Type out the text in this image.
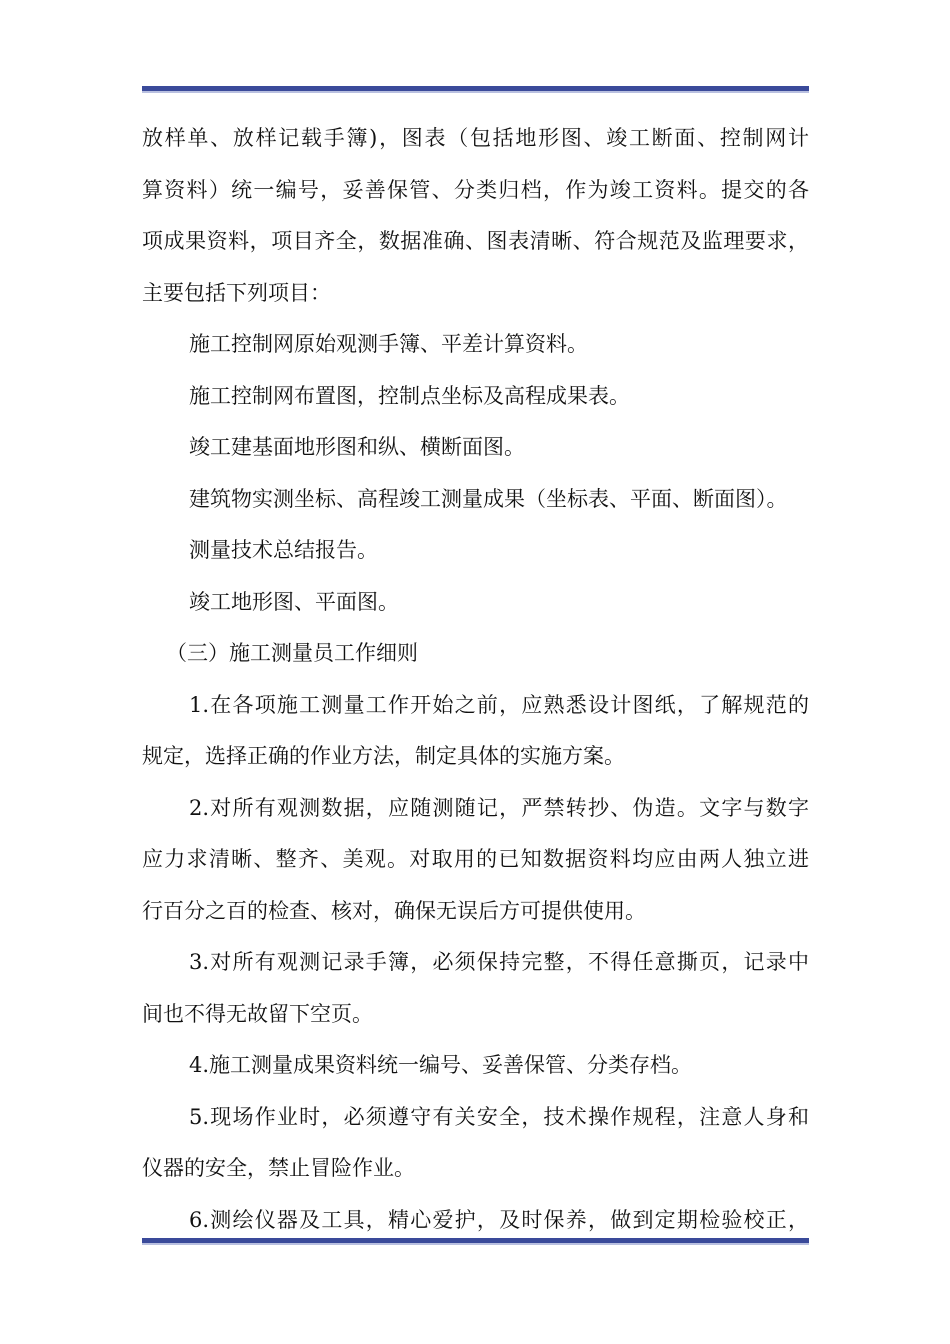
放样单、放样记载手簿)，图表（包括地形图、竣工断面、控制网计
算资料）统一编号，妥善保管、分类归档，作为竣工资料。提交的各
项成果资料，项目齐全，数据准确、图表清晰、符合规范及监理要求，
主要包括下列项目：
施工控制网原始观测手簿、平差计算资料。
施工控制网布置图，控制点坐标及高程成果表。
竣工建基面地形图和纵、横断面图。
建筑物实测坐标、高程竣工测量成果（坐标表、平面、断面图）。
测量技术总结报告。
竣工地形图、平面图。
（三）施工测量员工作细则
1.在各项施工测量工作开始之前，应熟悉设计图纸，了解规范的
规定，选择正确的作业方法，制定具体的实施方案。
2.对所有观测数据，应随测随记，严禁转抄、伪造。文字与数字
应力求清晰、整齐、美观。对取用的已知数据资料均应由两人独立进
行百分之百的检查、核对，确保无误后方可提供使用。
3.对所有观测记录手簿，必须保持完整，不得任意撕页，记录中
间也不得无故留下空页。
4.施工测量成果资料统一编号、妥善保管、分类存档。
5.现场作业时，必须遵守有关安全，技术操作规程，注意人身和
仪器的安全，禁止冒险作业。
6.测绘仪器及工具，精心爱护，及时保养，做到定期检验校正，
